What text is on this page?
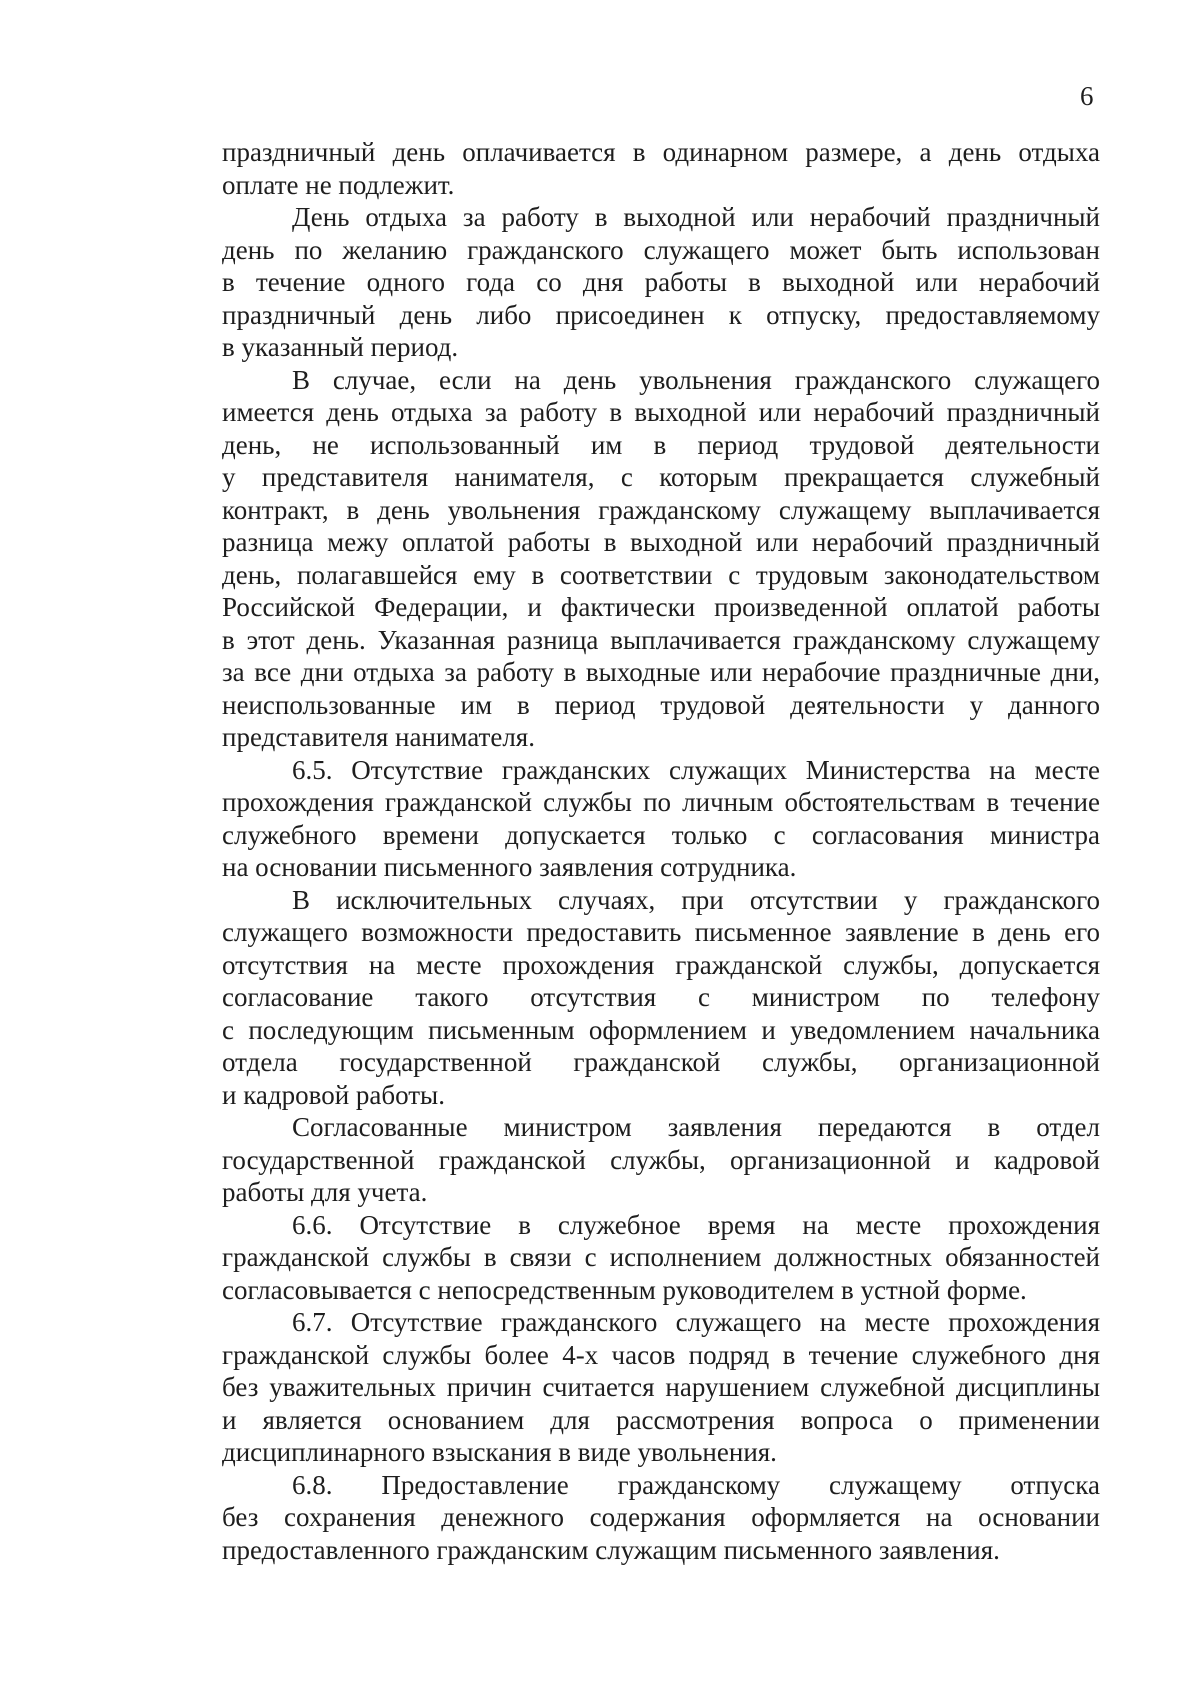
6
праздничный день оплачивается в одинарном размере, а день отдыха
оплате не подлежит.
День отдыха за работу в выходной или нерабочий праздничный
день по желанию гражданского служащего может быть использован
в течение одного года со дня работы в выходной или нерабочий
праздничный день либо присоединен к отпуску, предоставляемому
в указанный период.
В случае, если на день увольнения гражданского служащего
имеется день отдыха за работу в выходной или нерабочий праздничный
день, не использованный им в период трудовой деятельности
у представителя нанимателя, с которым прекращается служебный
контракт, в день увольнения гражданскому служащему выплачивается
разница межу оплатой работы в выходной или нерабочий праздничный
день, полагавшейся ему в соответствии с трудовым законодательством
Российской Федерации, и фактически произведенной оплатой работы
в этот день. Указанная разница выплачивается гражданскому служащему
за все дни отдыха за работу в выходные или нерабочие праздничные дни,
неиспользованные им в период трудовой деятельности у данного
представителя нанимателя.
6.5. Отсутствие гражданских служащих Министерства на месте
прохождения гражданской службы по личным обстоятельствам в течение
служебного времени допускается только с согласования министра
на основании письменного заявления сотрудника.
В исключительных случаях, при отсутствии у гражданского
служащего возможности предоставить письменное заявление в день его
отсутствия на месте прохождения гражданской службы, допускается
согласование такого отсутствия с министром по телефону
с последующим письменным оформлением и уведомлением начальника
отдела государственной гражданской службы, организационной
и кадровой работы.
Согласованные министром заявления передаются в отдел
государственной гражданской службы, организационной и кадровой
работы для учета.
6.6. Отсутствие в служебное время на месте прохождения
гражданской службы в связи с исполнением должностных обязанностей
согласовывается с непосредственным руководителем в устной форме.
6.7. Отсутствие гражданского служащего на месте прохождения
гражданской службы более 4-х часов подряд в течение служебного дня
без уважительных причин считается нарушением служебной дисциплины
и является основанием для рассмотрения вопроса о применении
дисциплинарного взыскания в виде увольнения.
6.8. Предоставление гражданскому служащему отпуска
без сохранения денежного содержания оформляется на основании
предоставленного гражданским служащим письменного заявления.
